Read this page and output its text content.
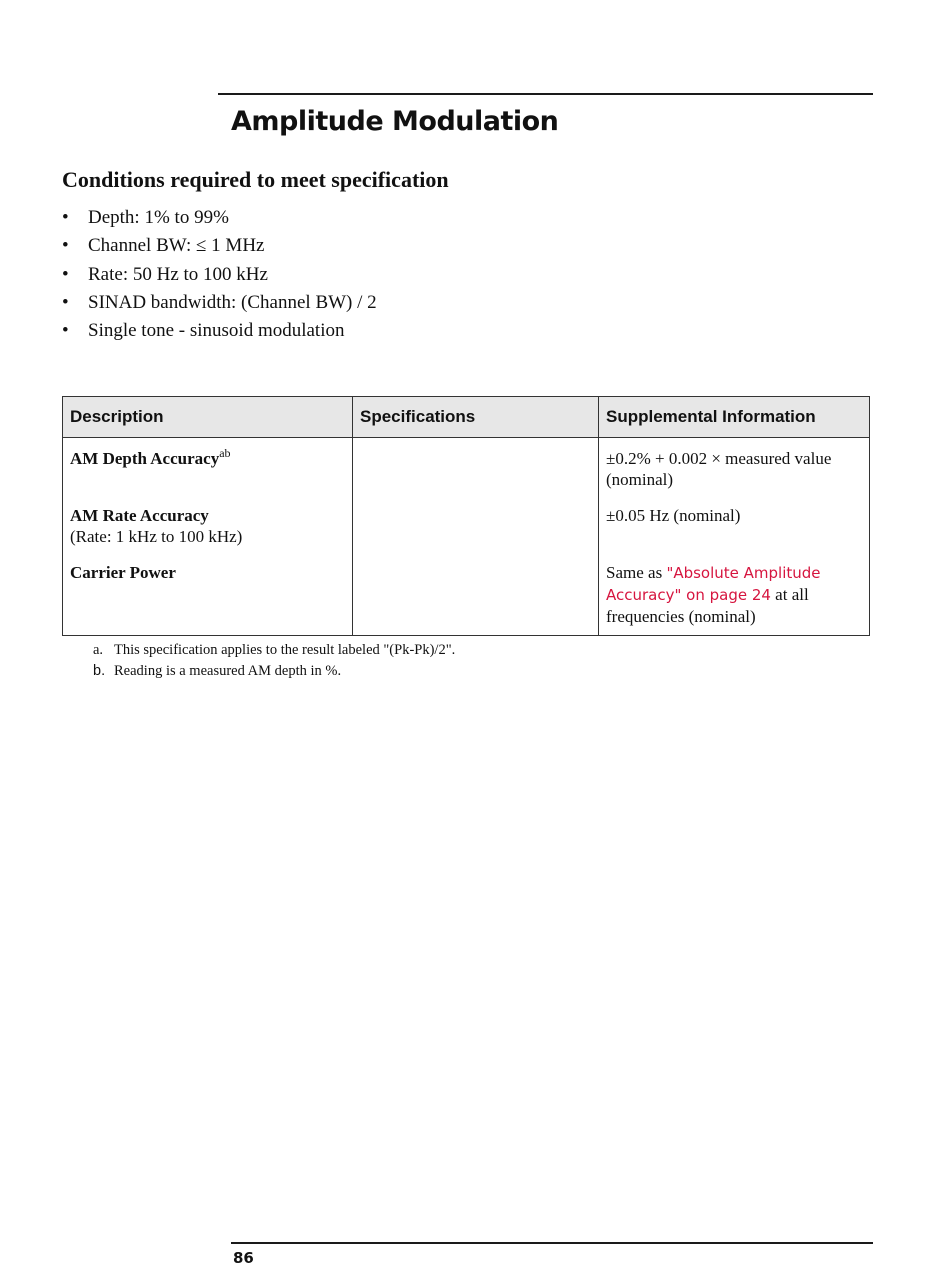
Amplitude Modulation
Conditions required to meet specification
• Depth: 1% to 99%
• Channel BW: ≤ 1 MHz
• Rate: 50 Hz to 100 kHz
• SINAD bandwidth: (Channel BW) / 2
• Single tone - sinusoid modulation
Description	Specifications	Supplemental Information
AM Depth Accuracy$^{ab}$		±0.2% + 0.002 × measured value
(nominal)

AM Rate Accuracy
(Rate: 1 kHz to 100 kHz)		±0.05 Hz (nominal)

Carrier Power		Same as "Absolute Amplitude Accuracy" on page 24 at all frequencies (nominal)
a. This specification applies to the result labeled "(Pk-Pk)/2".
b. Reading is a measured AM depth in %.
86
